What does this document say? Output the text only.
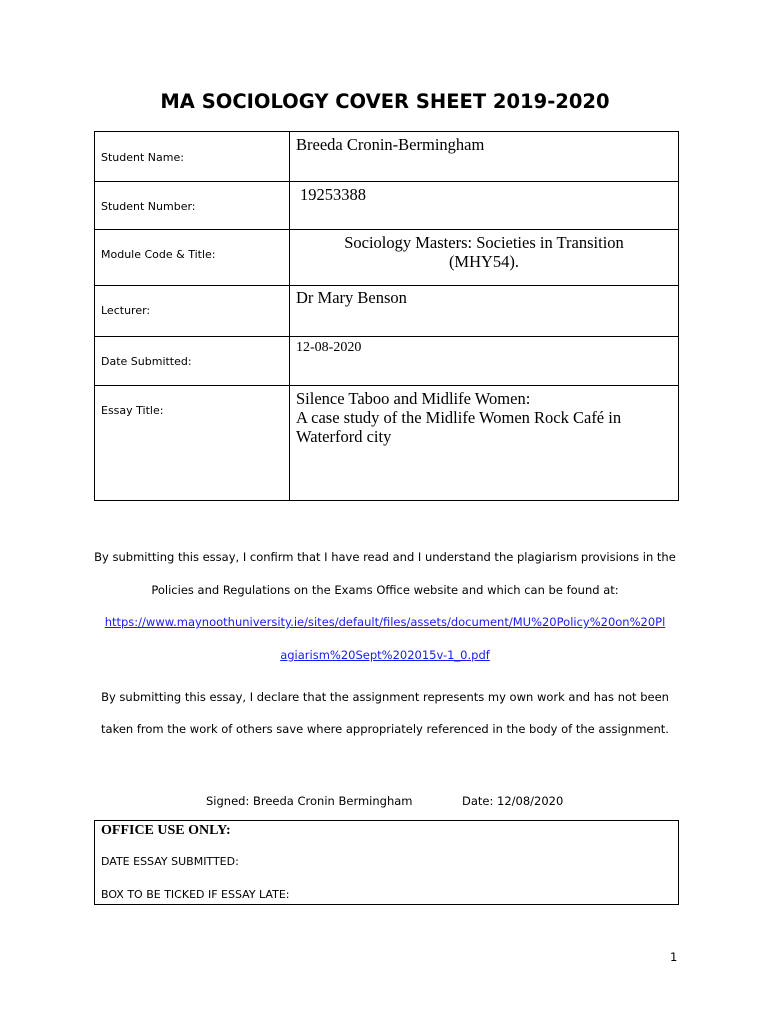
MA SOCIOLOGY COVER SHEET 2019-2020
Student Name:	Breeda Cronin-Bermingham

Student Number:	19253388

Module Code & Title:	Sociology Masters: Societies in Transition
(MHY54).

Lecturer:	Dr Mary Benson

Date Submitted:	12-08-2020

Essay Title:	Silence Taboo and Midlife Women:
A case study of the Midlife Women Rock Café in
Waterford city
By submitting this essay, I confirm that I have read and I understand the plagiarism provisions in the
Policies and Regulations on the Exams Office website and which can be found at:
https://www.maynoothuniversity.ie/sites/default/files/assets/document/MU%20Policy%20on%20Pl
agiarism%20Sept%202015v-1_0.pdf
By submitting this essay, I declare that the assignment represents my own work and has not been
taken from the work of others save where appropriately referenced in the body of the assignment.
Signed: Breeda Cronin Bermingham	Date: 12/08/2020
OFFICE USE ONLY:
DATE ESSAY SUBMITTED:
BOX TO BE TICKED IF ESSAY LATE:
1
